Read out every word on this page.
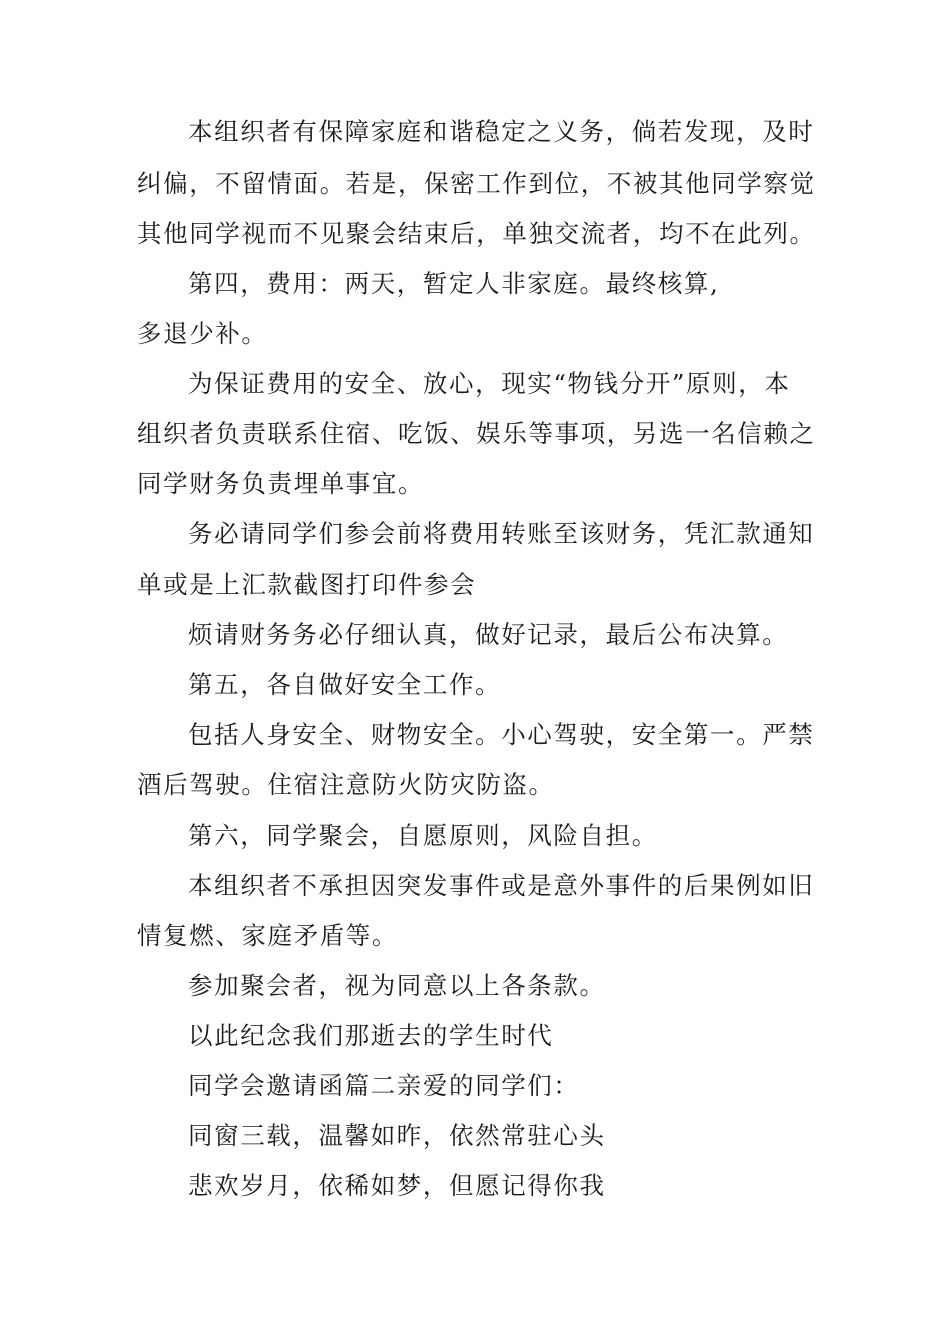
本组织者有保障家庭和谐稳定之义务，倘若发现，及时
纠偏，不留情面。若是，保密工作到位，不被其他同学察觉
其他同学视而不见聚会结束后，单独交流者，均不在此列。
第四，费用：两天，暂定人非家庭。最终核算,
多退少补。
为保证费用的安全、放心，现实“物钱分开”原则，本
组织者负责联系住宿、吃饭、娱乐等事项，另选一名信赖之
同学财务负责埋单事宜。
务必请同学们参会前将费用转账至该财务，凭汇款通知
单或是上汇款截图打印件参会
烦请财务务必仔细认真，做好记录，最后公布决算。
第五，各自做好安全工作。
包括人身安全、财物安全。小心驾驶，安全第一。严禁
酒后驾驶。住宿注意防火防灾防盗。
第六，同学聚会，自愿原则，风险自担。
本组织者不承担因突发事件或是意外事件的后果例如旧
情复燃、家庭矛盾等。
参加聚会者，视为同意以上各条款。
以此纪念我们那逝去的学生时代
同学会邀请函篇二亲爱的同学们：
同窗三载，温馨如昨，依然常驻心头
悲欢岁月，依稀如梦，但愿记得你我
